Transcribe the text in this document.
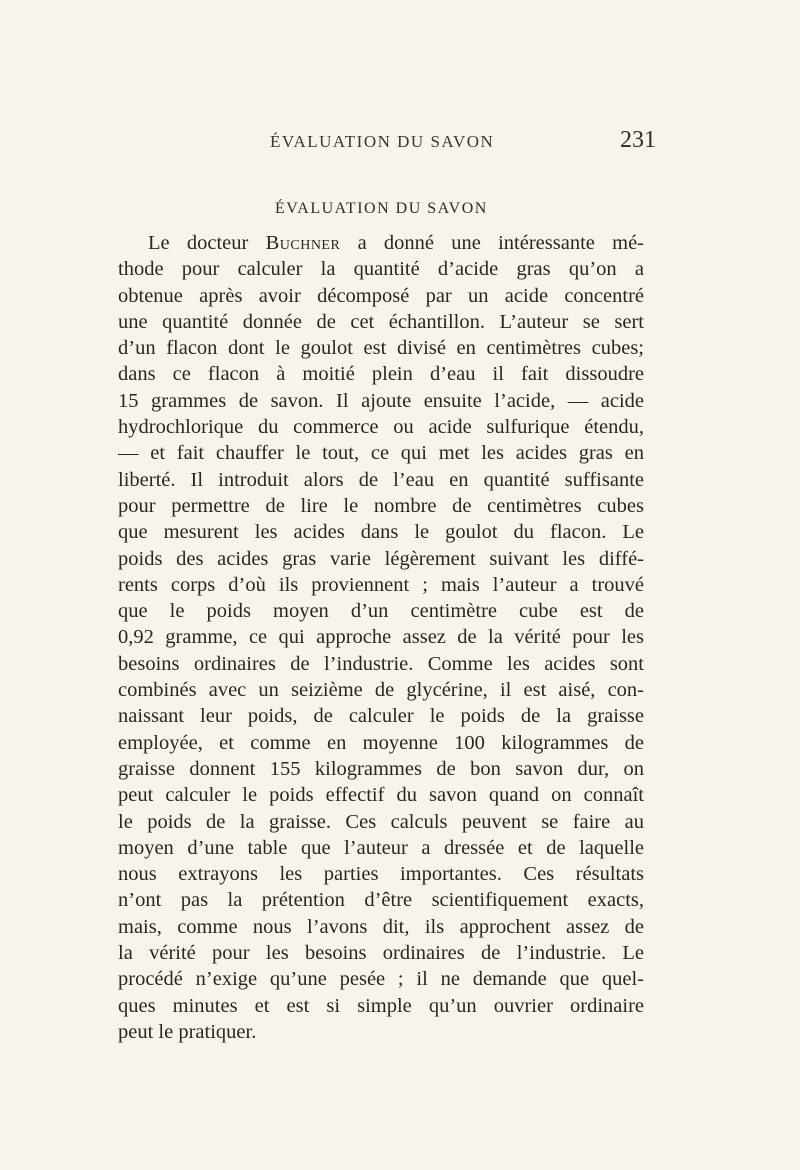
ÉVALUATION DU SAVON	231
ÉVALUATION DU SAVON
Le docteur Buchner a donné une intéressante mé-
thode pour calculer la quantité d’acide gras qu’on a
obtenue après avoir décomposé par un acide concentré
une quantité donnée de cet échantillon. L’auteur se sert
d’un flacon dont le goulot est divisé en centimètres cubes;
dans ce flacon à moitié plein d’eau il fait dissoudre
15 grammes de savon. Il ajoute ensuite l’acide, — acide
hydrochlorique du commerce ou acide sulfurique étendu,
— et fait chauffer le tout, ce qui met les acides gras en
liberté. Il introduit alors de l’eau en quantité suffisante
pour permettre de lire le nombre de centimètres cubes
que mesurent les acides dans le goulot du flacon. Le
poids des acides gras varie légèrement suivant les diffé-
rents corps d’où ils proviennent ; mais l’auteur a trouvé
que le poids moyen d’un centimètre cube est de
0,92 gramme, ce qui approche assez de la vérité pour les
besoins ordinaires de l’industrie. Comme les acides sont
combinés avec un seizième de glycérine, il est aisé, con-
naissant leur poids, de calculer le poids de la graisse
employée, et comme en moyenne 100 kilogrammes de
graisse donnent 155 kilogrammes de bon savon dur, on
peut calculer le poids effectif du savon quand on connaît
le poids de la graisse. Ces calculs peuvent se faire au
moyen d’une table que l’auteur a dressée et de laquelle
nous extrayons les parties importantes. Ces résultats
n’ont pas la prétention d’être scientifiquement exacts,
mais, comme nous l’avons dit, ils approchent assez de
la vérité pour les besoins ordinaires de l’industrie. Le
procédé n’exige qu’une pesée ; il ne demande que quel-
ques minutes et est si simple qu’un ouvrier ordinaire
peut le pratiquer.
